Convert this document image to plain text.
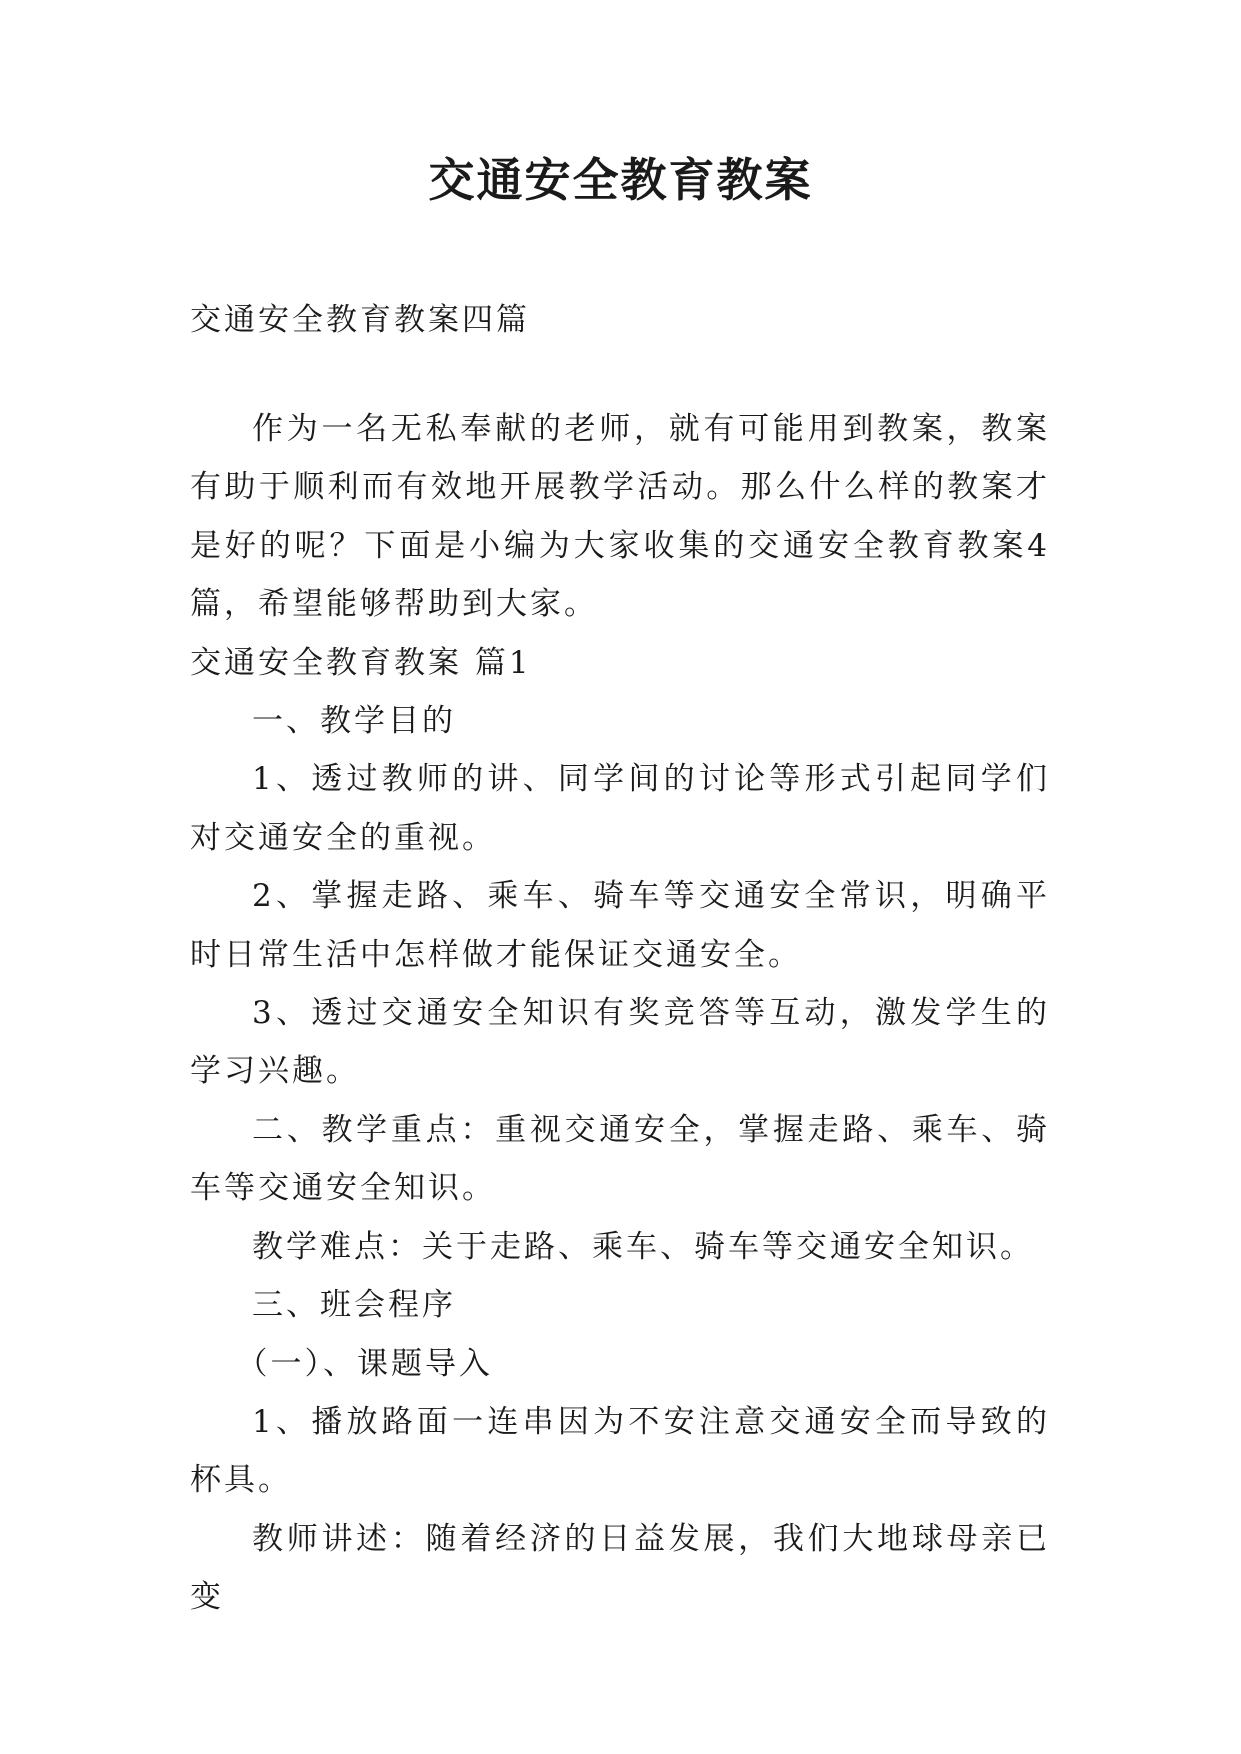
交通安全教育教案

交通安全教育教案四篇

作为一名无私奉献的老师，就有可能用到教案，教案有助于顺利而有效地开展教学活动。那么什么样的教案才是好的呢？下面是小编为大家收集的交通安全教育教案4篇，希望能够帮助到大家。

交通安全教育教案 篇1

一、教学目的

1、透过教师的讲、同学间的讨论等形式引起同学们对交通安全的重视。

2、掌握走路、乘车、骑车等交通安全常识，明确平时日常生活中怎样做才能保证交通安全。

3、透过交通安全知识有奖竞答等互动，激发学生的学习兴趣。

二、教学重点：重视交通安全，掌握走路、乘车、骑车等交通安全知识。

教学难点：关于走路、乘车、骑车等交通安全知识。

三、班会程序

（一）、课题导入

1、播放路面一连串因为不安注意交通安全而导致的杯具。

教师讲述：随着经济的日益发展，我们大地球母亲已变
